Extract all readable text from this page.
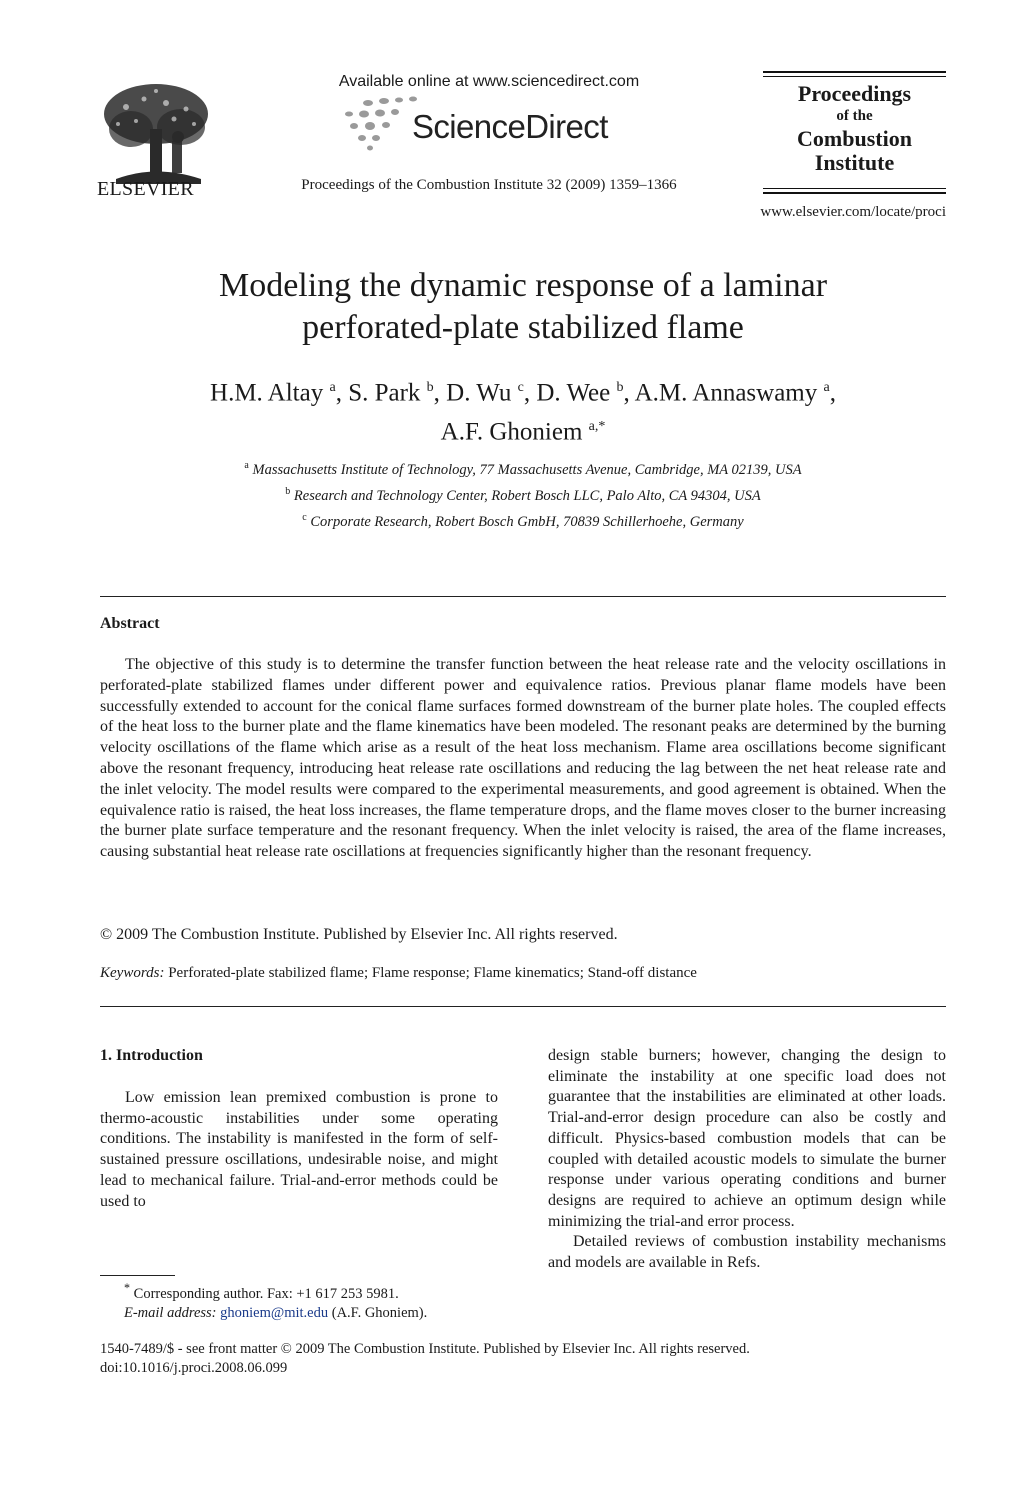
ELSEVIER
Available online at www.sciencedirect.com
ScienceDirect
Proceedings of the Combustion Institute 32 (2009) 1359–1366
Proceedings
of the
Combustion
Institute
www.elsevier.com/locate/proci
Modeling the dynamic response of a laminar
perforated-plate stabilized flame
H.M. Altay $^a$, S. Park $^b$, D. Wu $^c$, D. Wee $^b$, A.M. Annaswamy $^a$,
A.F. Ghoniem $^{a,*}$
$^a$ Massachusetts Institute of Technology, 77 Massachusetts Avenue, Cambridge, MA 02139, USA
$^b$ Research and Technology Center, Robert Bosch LLC, Palo Alto, CA 94304, USA
$^c$ Corporate Research, Robert Bosch GmbH, 70839 Schillerhoehe, Germany
Abstract

The objective of this study is to determine the transfer function between the heat release rate and the velocity oscillations in perforated-plate stabilized flames under different power and equivalence ratios. Previous planar flame models have been successfully extended to account for the conical flame surfaces formed downstream of the burner plate holes. The coupled effects of the heat loss to the burner plate and the flame kinematics have been modeled. The resonant peaks are determined by the burning velocity oscillations of the flame which arise as a result of the heat loss mechanism. Flame area oscillations become significant above the resonant frequency, introducing heat release rate oscillations and reducing the lag between the net heat release rate and the inlet velocity. The model results were compared to the experimental measurements, and good agreement is obtained. When the equivalence ratio is raised, the heat loss increases, the flame temperature drops, and the flame moves closer to the burner increasing the burner plate surface temperature and the resonant frequency. When the inlet velocity is raised, the area of the flame increases, causing substantial heat release rate oscillations at frequencies significantly higher than the resonant frequency.

© 2009 The Combustion Institute. Published by Elsevier Inc. All rights reserved.
Keywords: Perforated-plate stabilized flame; Flame response; Flame kinematics; Stand-off distance
1. Introduction

Low emission lean premixed combustion is prone to thermo-acoustic instabilities under some operating conditions. The instability is manifested in the form of self-sustained pressure oscillations, undesirable noise, and might lead to mechanical failure. Trial-and-error methods could be used to

design stable burners; however, changing the design to eliminate the instability at one specific load does not guarantee that the instabilities are eliminated at other loads. Trial-and-error design procedure can also be costly and difficult. Physics-based combustion models that can be coupled with detailed acoustic models to simulate the burner response under various operating conditions and burner designs are required to achieve an optimum design while minimizing the trial-and error process.

Detailed reviews of combustion instability mechanisms and models are available in Refs.

* Corresponding author. Fax: +1 617 253 5981.
E-mail address: ghoniem@mit.edu (A.F. Ghoniem).
1540-7489/$ - see front matter © 2009 The Combustion Institute. Published by Elsevier Inc. All rights reserved.
doi:10.1016/j.proci.2008.06.099
